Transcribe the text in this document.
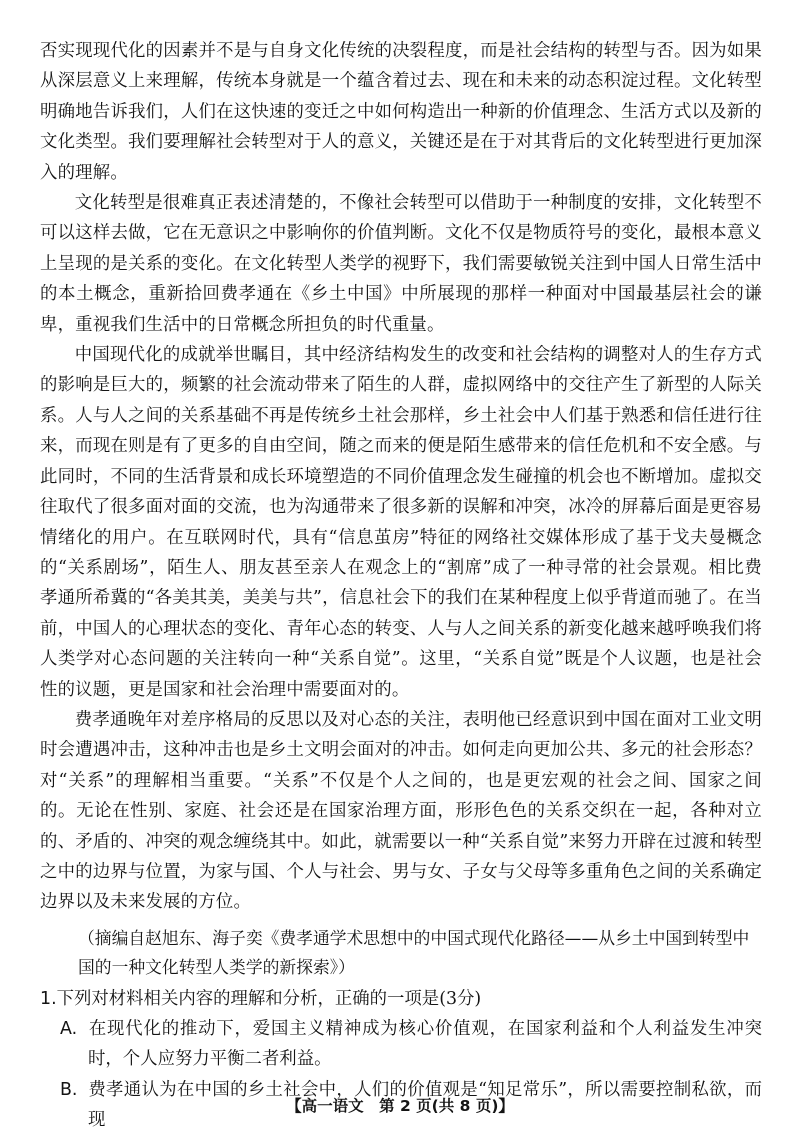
否实现现代化的因素并不是与自身文化传统的决裂程度，而是社会结构的转型与否。因为如果从深层意义上来理解，传统本身就是一个蕴含着过去、现在和未来的动态积淀过程。文化转型明确地告诉我们，人们在这快速的变迁之中如何构造出一种新的价值理念、生活方式以及新的文化类型。我们要理解社会转型对于人的意义，关键还是在于对其背后的文化转型进行更加深入的理解。

文化转型是很难真正表述清楚的，不像社会转型可以借助于一种制度的安排，文化转型不可以这样去做，它在无意识之中影响你的价值判断。文化不仅是物质符号的变化，最根本意义上呈现的是关系的变化。在文化转型人类学的视野下，我们需要敏锐关注到中国人日常生活中的本土概念，重新拾回费孝通在《乡土中国》中所展现的那样一种面对中国最基层社会的谦卑，重视我们生活中的日常概念所担负的时代重量。

中国现代化的成就举世瞩目，其中经济结构发生的改变和社会结构的调整对人的生存方式的影响是巨大的，频繁的社会流动带来了陌生的人群，虚拟网络中的交往产生了新型的人际关系。人与人之间的关系基础不再是传统乡土社会那样，乡土社会中人们基于熟悉和信任进行往来，而现在则是有了更多的自由空间，随之而来的便是陌生感带来的信任危机和不安全感。与此同时，不同的生活背景和成长环境塑造的不同价值理念发生碰撞的机会也不断增加。虚拟交往取代了很多面对面的交流，也为沟通带来了很多新的误解和冲突，冰冷的屏幕后面是更容易情绪化的用户。在互联网时代，具有“信息茧房”特征的网络社交媒体形成了基于戈夫曼概念的“关系剧场”，陌生人、朋友甚至亲人在观念上的“割席”成了一种寻常的社会景观。相比费孝通所希冀的“各美其美，美美与共”，信息社会下的我们在某种程度上似乎背道而驰了。在当前，中国人的心理状态的变化、青年心态的转变、人与人之间关系的新变化越来越呼唤我们将人类学对心态问题的关注转向一种“关系自觉”。这里，“关系自觉”既是个人议题，也是社会性的议题，更是国家和社会治理中需要面对的。

费孝通晚年对差序格局的反思以及对心态的关注，表明他已经意识到中国在面对工业文明时会遭遇冲击，这种冲击也是乡土文明会面对的冲击。如何走向更加公共、多元的社会形态？对“关系”的理解相当重要。“关系”不仅是个人之间的，也是更宏观的社会之间、国家之间的。无论在性别、家庭、社会还是在国家治理方面，形形色色的关系交织在一起，各种对立的、矛盾的、冲突的观念缠绕其中。如此，就需要以一种“关系自觉”来努力开辟在过渡和转型之中的边界与位置，为家与国、个人与社会、男与女、子女与父母等多重角色之间的关系确定边界以及未来发展的方位。

（摘编自赵旭东、海子奕《费孝通学术思想中的中国式现代化路径——从乡土中国到转型中国的一种文化转型人类学的新探索》）

1.下列对材料相关内容的理解和分析，正确的一项是(3分)

A. 在现代化的推动下，爱国主义精神成为核心价值观，在国家利益和个人利益发生冲突时，个人应努力平衡二者利益。

B. 费孝通认为在中国的乡土社会中，人们的价值观是“知足常乐”，所以需要控制私欲，而现

【高一语文　第 2 页(共 8 页)】
